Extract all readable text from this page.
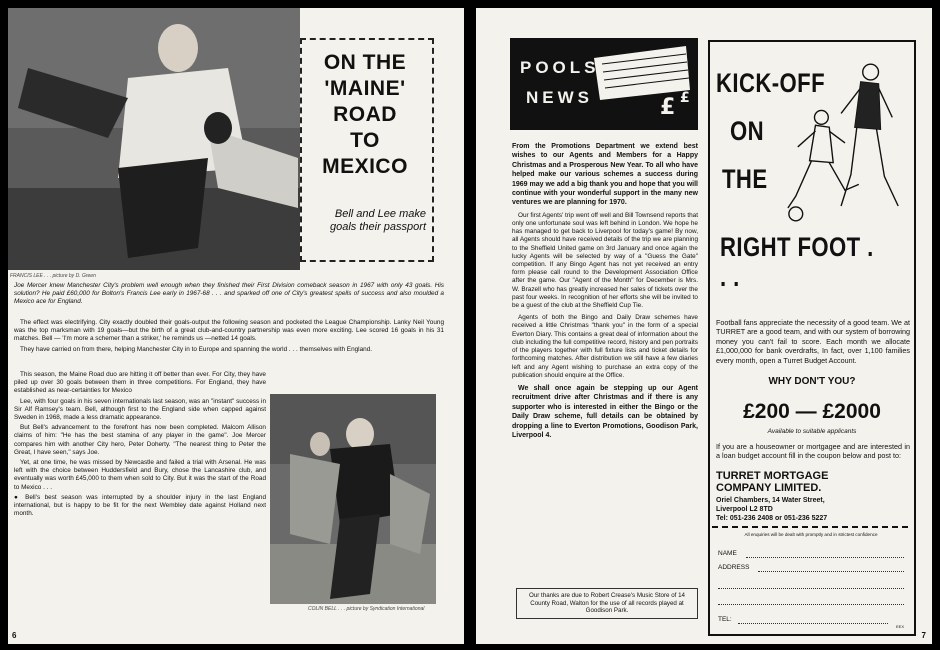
FRANCIS LEE . . . picture by D. Green
ON THE
'MAINE'
ROAD
TO
MEXICO
Bell and Lee make goals their passport

Joe Mercer knew Manchester City's problem well enough when they finished their First Division comeback season in 1967 with only 43 goals. His solution? He paid £60,000 for Bolton's Francis Lee early in 1967-68 . . . and sparked off one of City's greatest spells of success and also moulded a Mexico ace for England.

The effect was electrifying. City exactly doubled their goals-output the following season and pocketed the League Championship. Lanky Neil Young was the top marksman with 19 goals—but the birth of a great club-and-country partnership was even more exciting. Lee scored 16 goals in his 31 matches. Bell — 'I'm more a schemer than a striker,' he reminds us —netted 14 goals.

They have carried on from there, helping Manchester City in to Europe and spanning the world . . . themselves with England.

This season, the Maine Road duo are hitting it off better than ever. For City, they have piled up over 30 goals between them in three competitions. For England, they have established as near-certainties for Mexico

Lee, with four goals in his seven internationals last season, was an "instant" success in Sir Alf Ramsey's team. Bell, although first to the England side when capped against Sweden in 1968, made a less dramatic appearance.

But Bell's advancement to the forefront has now been completed. Malcom Allison claims of him: "He has the best stamina of any player in the game". Joe Mercer compares him with another City hero, Peter Doherty. "The nearest thing to Peter the Great, I have seen," says Joe.

Yet, at one time, he was missed by Newcastle and failed a trial with Arsenal. He was left with the choice between Huddersfield and Bury, chose the Lancashire club, and eventually was worth £45,000 to them when sold to City. But it was the start of the Road to Mexico . . .

● Bell's best season was interrupted by a shoulder injury in the last England international, but is happy to be fit for the next Wembley date against Holland next month.

COLIN BELL . . . picture by Syndication International
6
£ £
POOLS
NEWS

From the Promotions Department we extend best wishes to our Agents and Members for a Happy Christmas and a Prosperous New Year. To all who have helped make our various schemes a success during 1969 may we add a big thank you and hope that you will continue with your wonderful support in the many new ventures we are planning for 1970.

Our first Agents' trip went off well and Bill Townsend reports that only one unfortunate soul was left behind in London. We hope he has managed to get back to Liverpool for today's game! By now, all Agents should have received details of the trip we are planning to the Sheffield United game on 3rd January and once again the lucky Agents will be selected by way of a "Guess the Gate" competition. If any Bingo Agent has not yet received an entry form please call round to the Development Association Office after the game. Our "Agent of the Month" for December is Mrs. W. Brazell who has greatly increased her sales of tickets over the past four weeks. In recognition of her efforts she will be invited to be a guest of the club at the Sheffield Cup Tie.

Agents of both the Bingo and Daily Draw schemes have received a little Christmas "thank you" in the form of a special Everton Diary. This contains a great deal of information about the club including the full competitive record, history and pen portraits of the players together with full fixture lists and ticket details for forthcoming matches. After distribution we still have a few diaries left and any Agent wishing to purchase an extra copy of the publication should enquire at the Office.

We shall once again be stepping up our Agent recruitment drive after Christmas and if there is any supporter who is interested in either the Bingo or the Daily Draw scheme, full details can be obtained by dropping a line to Everton Promotions, Goodison Park, Liverpool 4.

Our thanks are due to Robert Crease's Music Store of 14 County Road, Walton for the use of all records played at Goodison Park.
KICK-OFF
ON
THE
RIGHT FOOT . . .
Football fans appreciate the necessity of a good team. We at TURRET are a good team, and with our system of borrowing money you can't fail to score. Each month we allocate £1,000,000 for bank overdrafts, In fact, over 1,100 families every month, open a Turret Budget Account.
WHY DON'T YOU?
£200 — £2000
Available to suitable applicants
If you are a houseowner or mortgagee and are interested in a loan budget account fill in the coupon below and post to:
TURRET MORTGAGE
COMPANY LIMITED.
Oriel Chambers, 14 Water Street,
Liverpool L2 8TD
Tel: 051-236 2408 or 051-236 5227
All enquiries will be dealt with promptly and in strictest confidence
NAME
ADDRESS
TEL:
EEX
7
